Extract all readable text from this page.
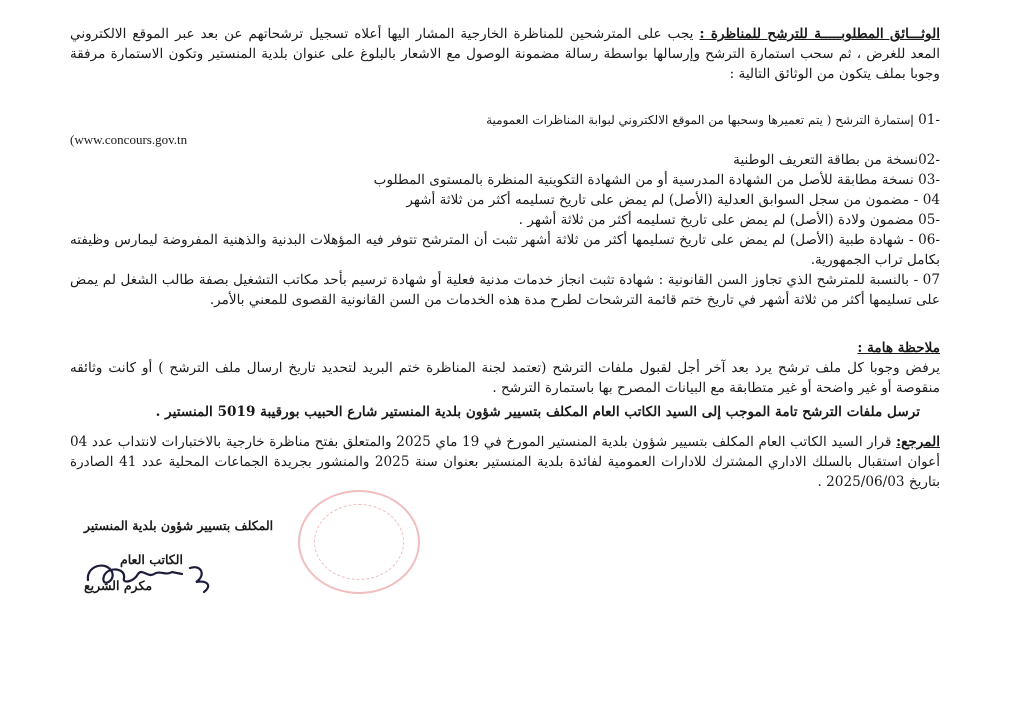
الوثـــائق المطلوبـــــة للترشح للمناظرة : يجب على المترشحين للمناظرة الخارجية المشار اليها أعلاه تسجيل ترشحاتهم عن بعد عبر الموقع الالكتروني المعد للغرض ، ثم سحب استمارة الترشح وإرسالها بواسطة رسالة مضمونة الوصول مع الاشعار بالبلوغ على عنوان بلدية المنستير وتكون الاستمارة مرفقة وجوبا بملف يتكون من الوثائق التالية :

01- إستمارة الترشح ( يتم تعميرها وسحبها من الموقع الالكتروني لبوابة المناظرات العمومية

(www.concours.gov.tn

02-نسخة من بطاقة التعريف الوطنية

03- نسخة مطابقة للأصل من الشهادة المدرسية أو من الشهادة التكوينية المنظرة بالمستوى المطلوب

04 - مضمون من سجل السوابق العدلية (الأصل) لم يمض على تاريخ تسليمه أكثر من ثلاثة أشهر

05- مضمون ولادة (الأصل) لم يمض على تاريخ تسليمه أكثر من ثلاثة أشهر .

06- - شهادة طبية (الأصل) لم يمض على تاريخ تسليمها أكثر من ثلاثة أشهر تثبت أن المترشح تتوفر فيه المؤهلات البدنية والذهنية المفروضة ليمارس وظيفته بكامل تراب الجمهورية.

- 07 بالنسبة للمترشح الذي تجاوز السن القانونية : شهادة تثبت انجاز خدمات مدنية فعلية أو شهادة ترسيم بأحد مكاتب التشغيل بصفة طالب الشغل لم يمض على تسليمها أكثر من ثلاثة أشهر في تاريخ ختم قائمة الترشحات لطرح مدة هذه الخدمات من السن القانونية القصوى للمعني بالأمر.

ملاحظة هامة :
يرفض وجوبا كل ملف ترشح يرد بعد آخر أجل لقبول ملفات الترشح (تعتمد لجنة المناظرة ختم البريد لتحديد تاريخ ارسال ملف الترشح ) أو كانت وثائقه منقوصة أو غير واضحة أو غير متطابقة مع البيانات المصرح بها باستمارة الترشح .
ترسل ملفات الترشح تامة الموجب إلى السيد الكاتب العام المكلف بتسيير شؤون بلدية المنستير شارع الحبيب بورقيبة 5019 المنستير .
المرجع: قرار السيد الكاتب العام المكلف بتسيير شؤون بلدية المنستير المورخ في 19 ماي 2025 والمتعلق بفتح مناظرة خارجية بالاختبارات لانتداب عدد 04 أعوان استقبال بالسلك الاداري المشترك للادارات العمومية لفائدة بلدية المنستير بعنوان سنة 2025 والمنشور بجريدة الجماعات المحلية عدد 41 الصادرة بتاريخ 2025/06/03 .
المكلف بتسيير شؤون بلدية المنستير
الكاتب العام
مكرم الشريع
